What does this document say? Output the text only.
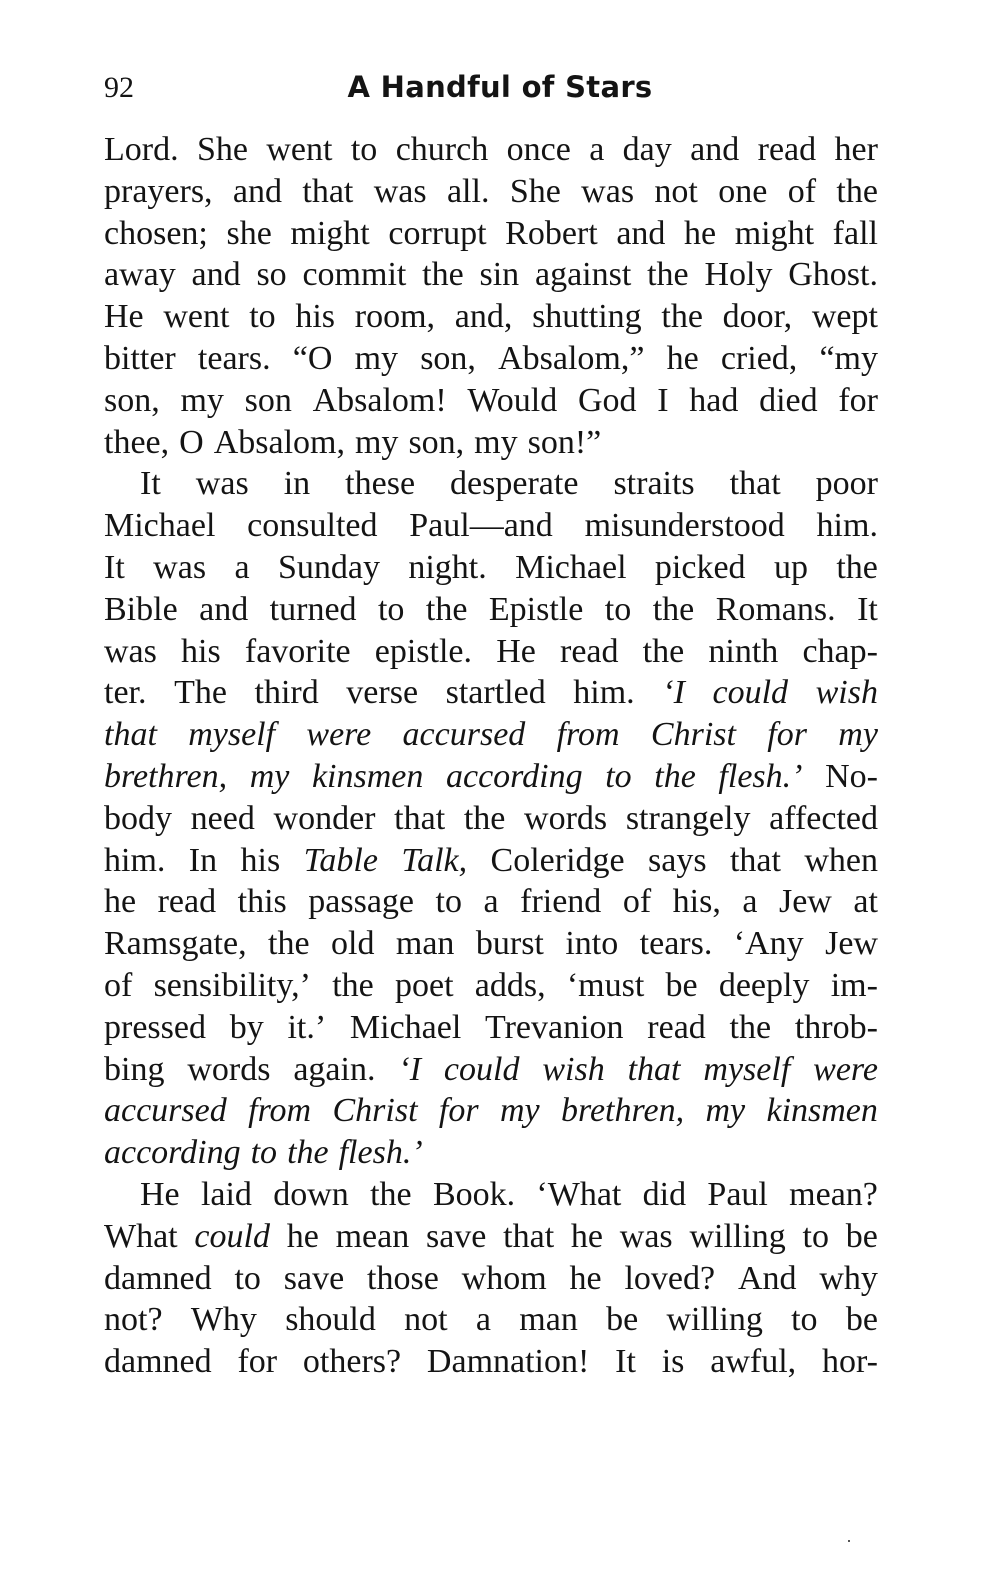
92	A Handful of Stars
Lord. She went to church once a day and read her
prayers, and that was all. She was not one of the
chosen; she might corrupt Robert and he might fall
away and so commit the sin against the Holy Ghost.
He went to his room, and, shutting the door, wept
bitter tears. “O my son, Absalom,” he cried, “my
son, my son Absalom! Would God I had died for
thee, O Absalom, my son, my son!”
It was in these desperate straits that poor
Michael consulted Paul—and misunderstood him.
It was a Sunday night. Michael picked up the
Bible and turned to the Epistle to the Romans. It
was his favorite epistle. He read the ninth chap-
ter. The third verse startled him. ‘I could wish
that myself were accursed from Christ for my
brethren, my kinsmen according to the flesh.’ No-
body need wonder that the words strangely affected
him. In his Table Talk, Coleridge says that when
he read this passage to a friend of his, a Jew at
Ramsgate, the old man burst into tears. ‘Any Jew
of sensibility,’ the poet adds, ‘must be deeply im-
pressed by it.’ Michael Trevanion read the throb-
bing words again. ‘I could wish that myself were
accursed from Christ for my brethren, my kinsmen
according to the flesh.’
He laid down the Book. ‘What did Paul mean?
What could he mean save that he was willing to be
damned to save those whom he loved? And why
not? Why should not a man be willing to be
damned for others? Damnation! It is awful, hor-
